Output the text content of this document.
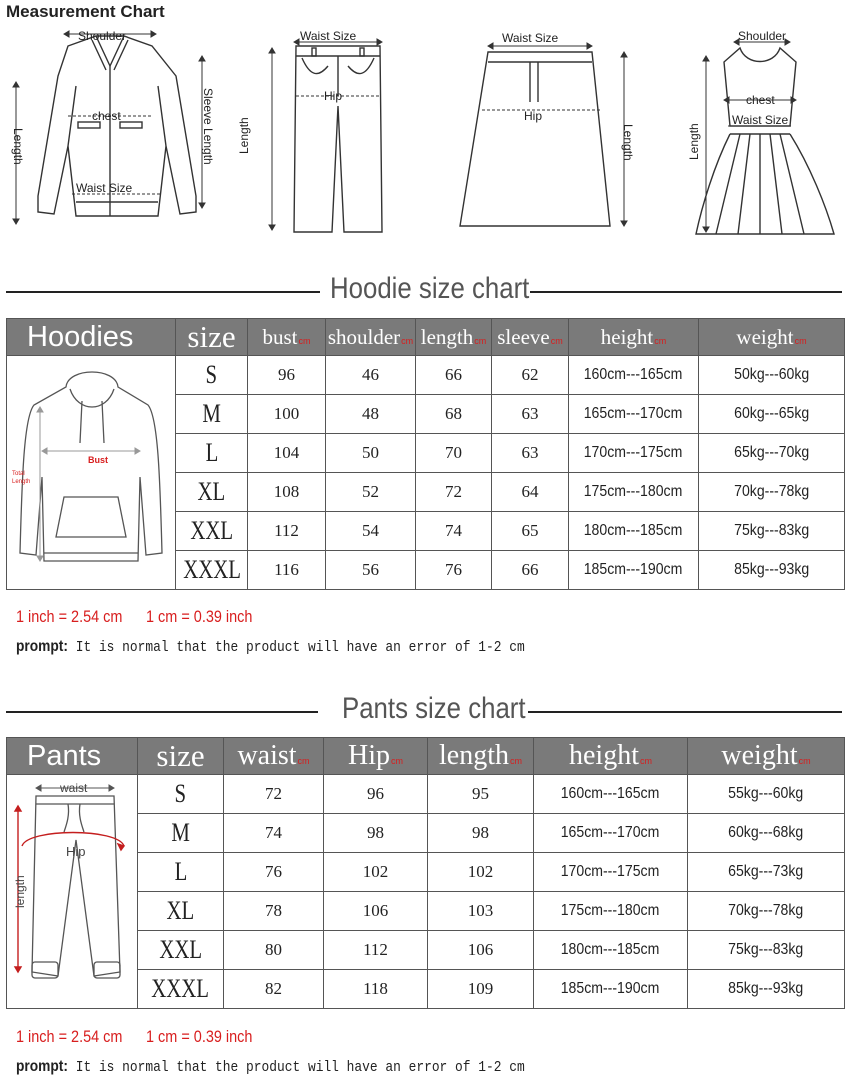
Measurement Chart
Shoulder
chest
Waist Size
Length	Sleeve Length
Waist Size
Hip
Length
Waist Size
Hip
Length
Shoulder
chest
Waist Size
Length
Hoodie size chart
Hoodies	size	bustcm	shouldercm	lengthcm	sleevecm	heightcm	weightcm

Bust
Total
Length	S	96	46	66	62	160cm---165cm	50kg---60kg
	M	100	48	68	63	165cm---170cm	60kg---65kg
	L	104	50	70	63	170cm---175cm	65kg---70kg
	XL	108	52	72	64	175cm---180cm	70kg---78kg
	XXL	112	54	74	65	180cm---185cm	75kg---83kg
	XXXL	116	56	76	66	185cm---190cm	85kg---93kg
1 inch = 2.54 cm 1 cm = 0.39 inch
prompt: It is normal that the product will have an error of 1-2 cm
Pants size chart
Pants	size	waistcm	Hipcm	lengthcm	heightcm	weightcm

waist
Hip
length	S	72	96	95	160cm---165cm	55kg---60kg
	M	74	98	98	165cm---170cm	60kg---68kg
	L	76	102	102	170cm---175cm	65kg---73kg
	XL	78	106	103	175cm---180cm	70kg---78kg
	XXL	80	112	106	180cm---185cm	75kg---83kg
	XXXL	82	118	109	185cm---190cm	85kg---93kg
1 inch = 2.54 cm 1 cm = 0.39 inch
prompt: It is normal that the product will have an error of 1-2 cm
